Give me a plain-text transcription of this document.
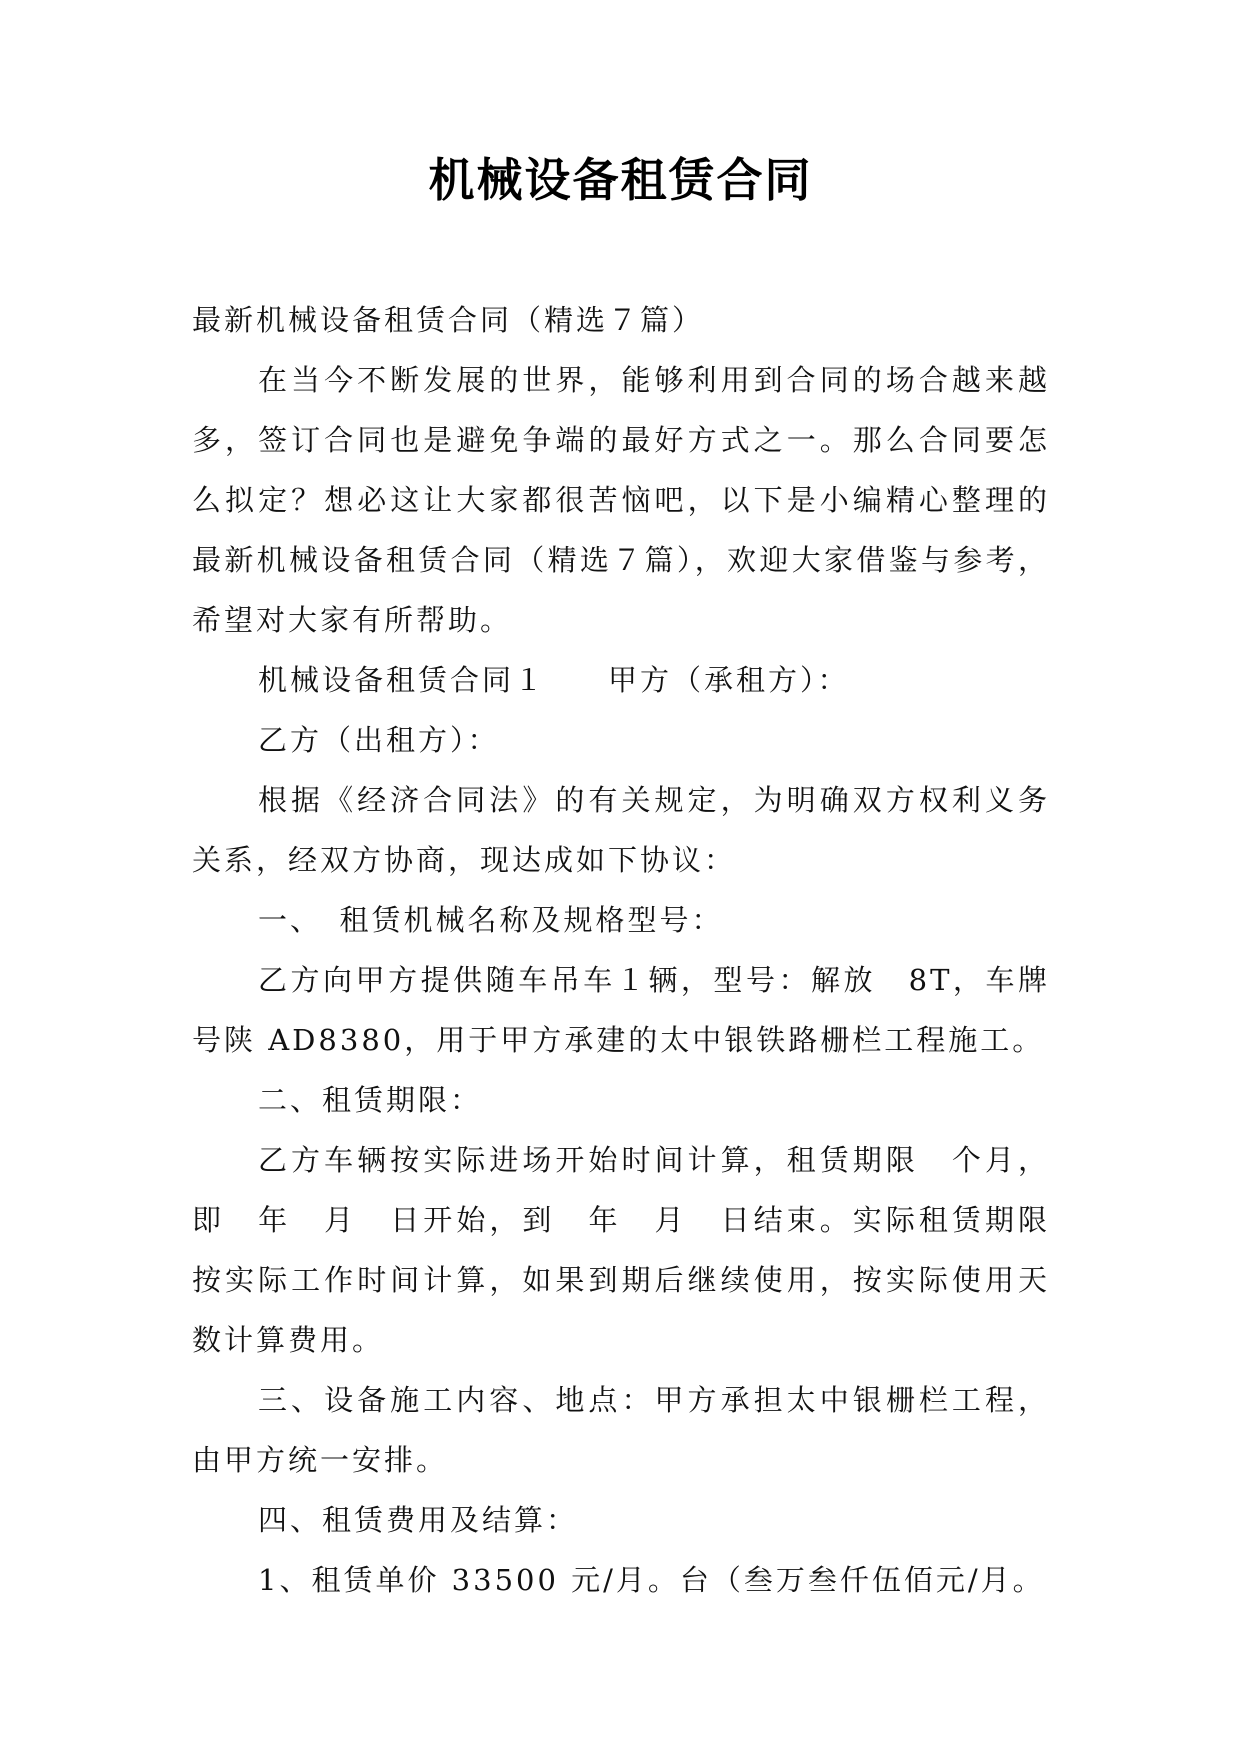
机械设备租赁合同

最新机械设备租赁合同（精选７篇）

在当今不断发展的世界，能够利用到合同的场合越来越多，签订合同也是避免争端的最好方式之一。那么合同要怎么拟定？想必这让大家都很苦恼吧，以下是小编精心整理的最新机械设备租赁合同（精选７篇），欢迎大家借鉴与参考，希望对大家有所帮助。

机械设备租赁合同１ 甲方（承租方）：

乙方（出租方）：

根据《经济合同法》的有关规定，为明确双方权利义务关系，经双方协商，现达成如下协议：

一、　租赁机械名称及规格型号：

乙方向甲方提供随车吊车１辆，型号：解放　8T，车牌号陕 AD8380，用于甲方承建的太中银铁路栅栏工程施工。

二、租赁期限：

乙方车辆按实际进场开始时间计算，租赁期限　个月，即　年　月　日开始，到　年　月　日结束。实际租赁期限按实际工作时间计算，如果到期后继续使用，按实际使用天数计算费用。

三、设备施工内容、地点：甲方承担太中银栅栏工程，由甲方统一安排。

四、租赁费用及结算：

1、租赁单价 33500 元/月。台（叁万叁仟伍佰元/月。
